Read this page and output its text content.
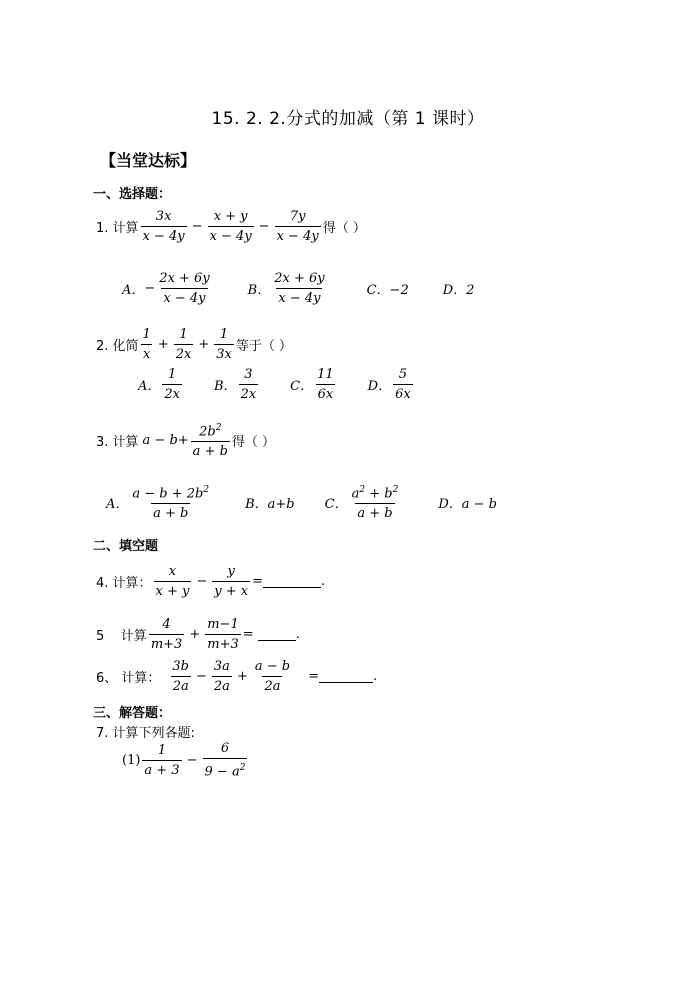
15. 2. 2.分式的加减（第 1 课时）
【当堂达标】
一、选择题：
1. 计算 $\frac{3x}{x - 4y} - \frac{x + y}{x - 4y} - \frac{7y}{x - 4y}$ 得（ ）
A． − $\frac{2x + 6y}{x - 4y}$	B． $\frac{2x + 6y}{x - 4y}$	C．−2	D．2
2. 化简 $\frac{1}{x} + \frac{1}{2x} + \frac{1}{3x}$ 等于（ ）
A． $\frac{1}{2x}$ B． $\frac{3}{2x}$ C． $\frac{11}{6x}$ D． $\frac{5}{6x}$
3. 计算 $a - b+ \frac{2b^2}{a + b}$ 得（ ）
A． $\frac{a - b + 2b^2}{a + b}$	B．a+b C． $\frac{a^2 + b^2}{a + b}$	D．a − b
二、填空题
4. 计算： $\frac{x}{x + y} - \frac{y}{y + x}$ =	.
5    计算 $\frac{4}{m+3} + \frac{m-1}{m+3}$ =	.
6、 计算： $\frac{3b}{2a} - \frac{3a}{2a} + \frac{a - b}{2a}$ =	.
三、解答题：
7. 计算下列各题:
$(1) \frac{1}{a + 3} - \frac{6}{9 - a^2}$
